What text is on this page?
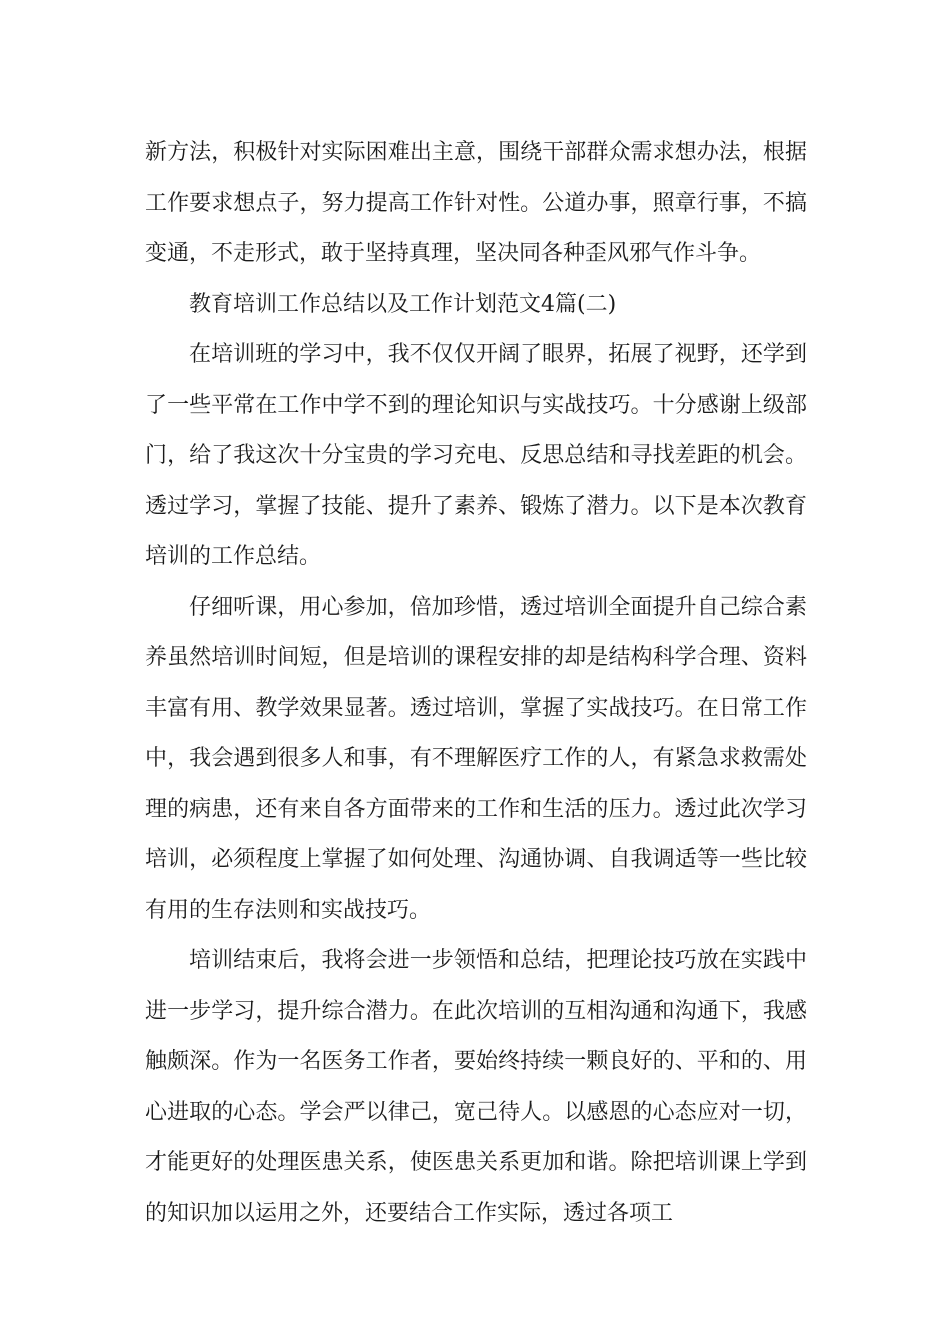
新方法，积极针对实际困难出主意，围绕干部群众需求想办法，根据工作要求想点子，努力提高工作针对性。公道办事，照章行事，不搞变通，不走形式，敢于坚持真理，坚决同各种歪风邪气作斗争。

教育培训工作总结以及工作计划范文4篇(二)

在培训班的学习中，我不仅仅开阔了眼界，拓展了视野，还学到了一些平常在工作中学不到的理论知识与实战技巧。十分感谢上级部门，给了我这次十分宝贵的学习充电、反思总结和寻找差距的机会。透过学习，掌握了技能、提升了素养、锻炼了潜力。以下是本次教育培训的工作总结。

仔细听课，用心参加，倍加珍惜，透过培训全面提升自己综合素养虽然培训时间短，但是培训的课程安排的却是结构科学合理、资料丰富有用、教学效果显著。透过培训，掌握了实战技巧。在日常工作中，我会遇到很多人和事，有不理解医疗工作的人，有紧急求救需处理的病患，还有来自各方面带来的工作和生活的压力。透过此次学习培训，必须程度上掌握了如何处理、沟通协调、自我调适等一些比较有用的生存法则和实战技巧。

培训结束后，我将会进一步领悟和总结，把理论技巧放在实践中进一步学习，提升综合潜力。在此次培训的互相沟通和沟通下，我感触颇深。作为一名医务工作者，要始终持续一颗良好的、平和的、用心进取的心态。学会严以律己，宽己待人。以感恩的心态应对一切，才能更好的处理医患关系，使医患关系更加和谐。除把培训课上学到的知识加以运用之外，还要结合工作实际，透过各项工
